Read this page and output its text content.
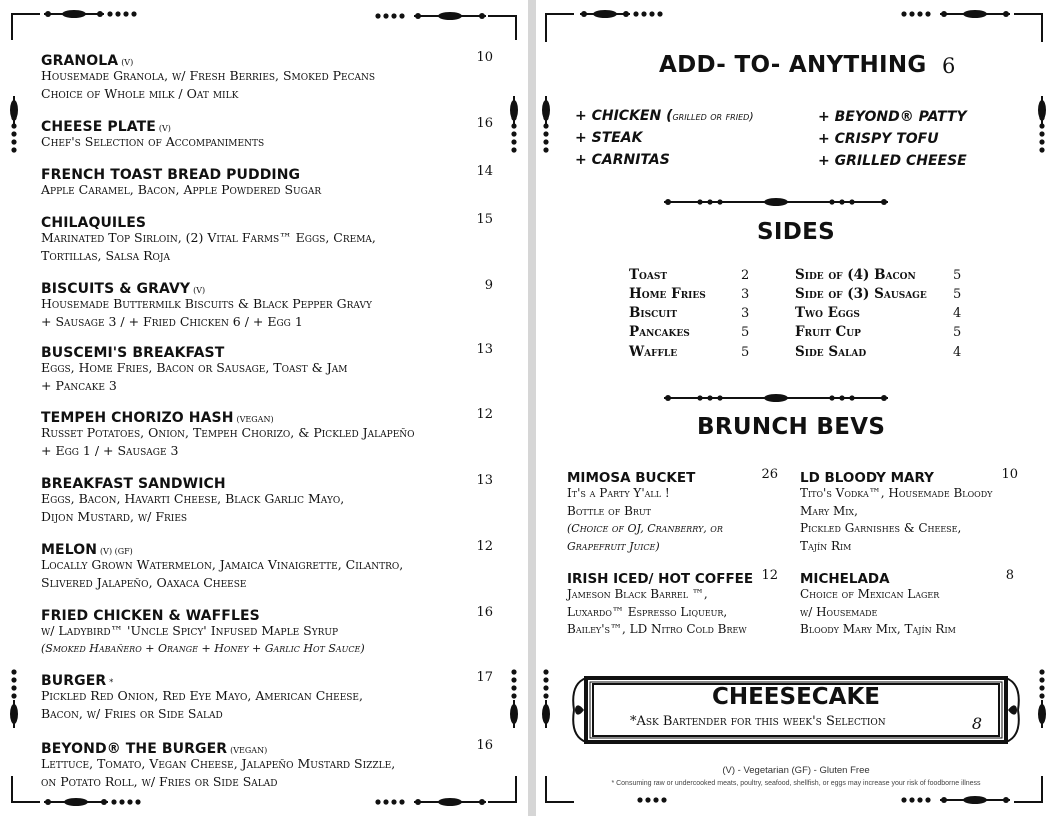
GRANOLA (V)	10
Housemade Granola, w/ Fresh Berries, Smoked Pecans
Choice of Whole milk / Oat milk
CHEESE PLATE (V)	16
Chef's Selection of Accompaniments
FRENCH TOAST BREAD PUDDING	14
Apple Caramel, Bacon, Apple Powdered Sugar
CHILAQUILES	15
Marinated Top Sirloin, (2) Vital Farms™ Eggs, Crema,
Tortillas, Salsa Roja
BISCUITS & GRAVY (V)	9
Housemade Buttermilk Biscuits & Black Pepper Gravy
+ Sausage 3 / + Fried Chicken 6 / + Egg 1
BUSCEMI'S BREAKFAST	13
Eggs, Home Fries, Bacon or Sausage, Toast & Jam
+ Pancake 3
TEMPEH CHORIZO HASH (VEGAN)	12
Russet Potatoes, Onion, Tempeh Chorizo, & Pickled Jalapeño
+ Egg 1 / + Sausage 3
BREAKFAST SANDWICH	13
Eggs, Bacon, Havarti Cheese, Black Garlic Mayo,
Dijon Mustard, w/ Fries
MELON (V) (GF)	12
Locally Grown Watermelon, Jamaica Vinaigrette, Cilantro,
Slivered Jalapeño, Oaxaca Cheese
FRIED CHICKEN & WAFFLES	16
w/ Ladybird™ 'Uncle Spicy' Infused Maple Syrup
(Smoked Habañero + Orange + Honey + Garlic Hot Sauce)
BURGER *	17
Pickled Red Onion, Red Eye Mayo, American Cheese,
Bacon, w/ Fries or Side Salad
BEYOND® THE BURGER (VEGAN)	16
Lettuce, Tomato, Vegan Cheese, Jalapeño Mustard Sizzle,
on Potato Roll, w/ Fries or Side Salad
ADD- TO- ANYTHING 6
+ CHICKEN (grilled or fried)
+ STEAK
+ CARNITAS
+ BEYOND® PATTY
+ CRISPY TOFU
+ GRILLED CHEESE
SIDES
Toast	2
Home Fries	3
Biscuit	3
Pancakes	5
Waffle	5
Side of (4) Bacon	5
Side of (3) Sausage 5
Two Eggs	4
Fruit Cup	5
Side Salad	4
BRUNCH BEVS
MIMOSA BUCKET	26
It's a Party Y'all !
Bottle of Brut
(Choice of OJ, Cranberry, or
Grapefruit Juice)
LD BLOODY MARY	10
Tito's Vodka™, Housemade Bloody
Mary Mix,
Pickled Garnishes & Cheese,
Tajín Rim
IRISH ICED/ HOT COFFEE 12
Jameson Black Barrel ™,
Luxardo™ Espresso Liqueur,
Bailey's™, LD Nitro Cold Brew
MICHELADA	8
Choice of Mexican Lager
w/ Housemade
Bloody Mary Mix, Tajín Rim
CHEESECAKE
*Ask Bartender for this week's Selection	8
(V) - Vegetarian (GF) - Gluten Free
* Consuming raw or undercooked meats, poultry, seafood, shellfish, or eggs may increase your risk of foodborne illness
